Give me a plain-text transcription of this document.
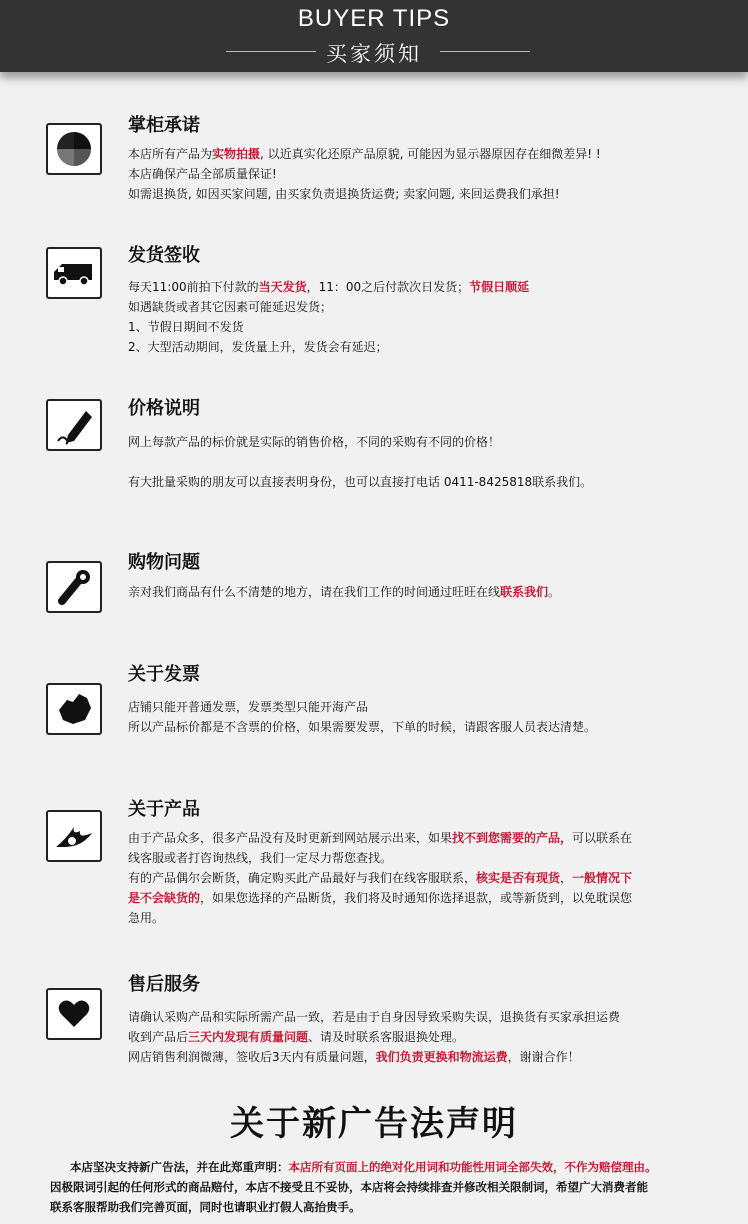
BUYER TIPS
买家须知
掌柜承诺

本店所有产品为实物拍摄, 以近真实化还原产品原貌, 可能因为显示器原因存在细微差异! !

本店确保产品全部质量保证!

如需退换货, 如因买家问题, 由买家负责退换货运费; 卖家问题, 来回运费我们承担!

发货签收

每天11:00前拍下付款的当天发货，11：00之后付款次日发货；节假日顺延

如遇缺货或者其它因素可能延迟发货；

1、节假日期间不发货

2、大型活动期间，发货量上升，发货会有延迟；

价格说明

网上每款产品的标价就是实际的销售价格，不同的采购有不同的价格！

有大批量采购的朋友可以直接表明身份，也可以直接打电话 0411-8425818联系我们。

购物问题

亲对我们商品有什么不清楚的地方，请在我们工作的时间通过旺旺在线联系我们。

关于发票

店铺只能开普通发票，发票类型只能开海产品

所以产品标价都是不含票的价格，如果需要发票，下单的时候，请跟客服人员表达清楚。

关于产品

由于产品众多，很多产品没有及时更新到网站展示出来，如果找不到您需要的产品，可以联系在

线客服或者打咨询热线，我们一定尽力帮您查找。

有的产品偶尔会断货，确定购买此产品最好与我们在线客服联系，核实是否有现货，一般情况下

是不会缺货的，如果您选择的产品断货，我们将及时通知你选择退款，或等新货到，以免耽误您

急用。

售后服务

请确认采购产品和实际所需产品一致，若是由于自身因导致采购失误，退换货有买家承担运费

收到产品后三天内发现有质量问题、请及时联系客服退换处理。

网店销售利润微薄，签收后3天内有质量问题，我们负责更换和物流运费，谢谢合作！

关于新广告法声明

本店坚决支持新广告法，并在此郑重声明：本店所有页面上的绝对化用词和功能性用词全部失效，不作为赔偿理由。

因极限词引起的任何形式的商品赔付，本店不接受且不妥协，本店将会持续排查并修改相关限制词，希望广大消费者能

联系客服帮助我们完善页面，同时也请职业打假人高抬贵手。
